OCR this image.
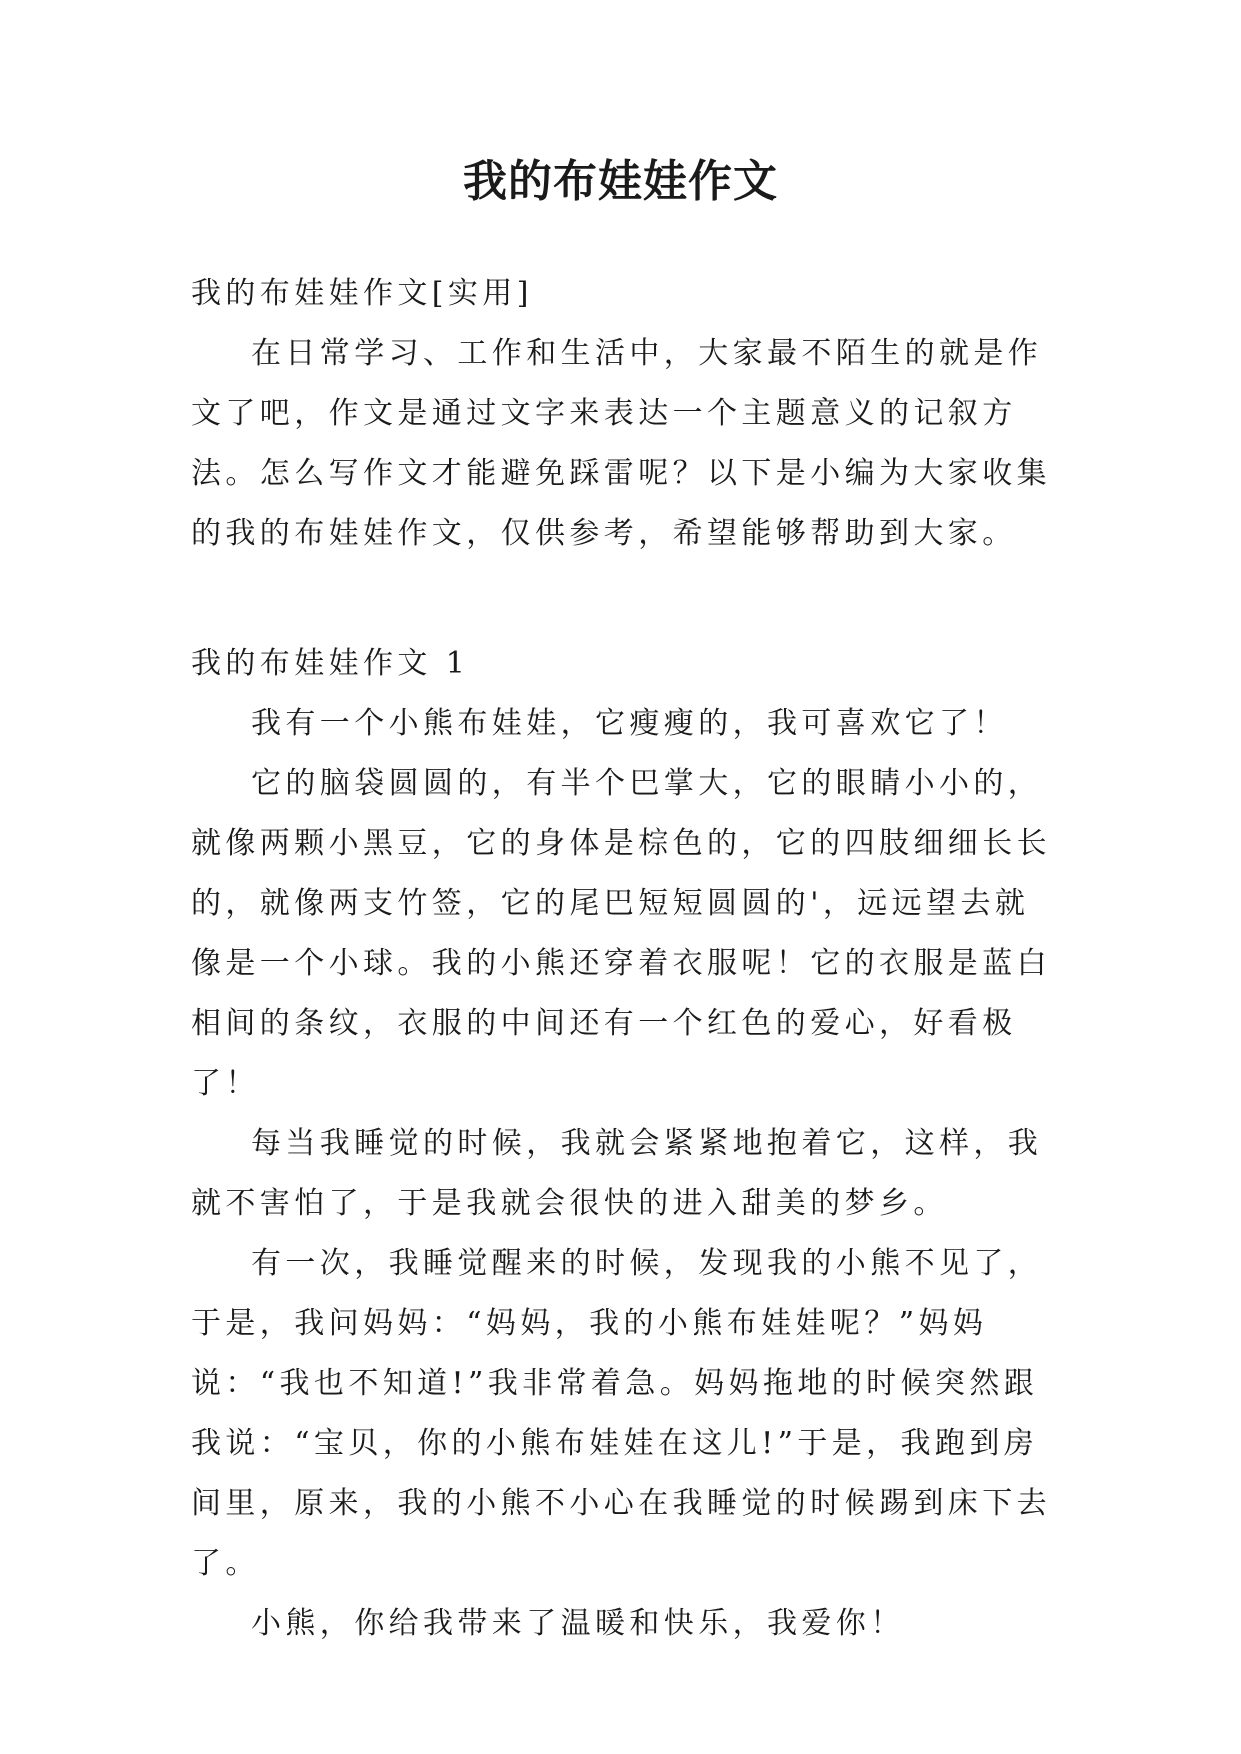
我的布娃娃作文

我的布娃娃作文[实用]

在日常学习、工作和生活中，大家最不陌生的就是作文了吧，作文是通过文字来表达一个主题意义的记叙方法。怎么写作文才能避免踩雷呢？以下是小编为大家收集的我的布娃娃作文，仅供参考，希望能够帮助到大家。

我的布娃娃作文 1

我有一个小熊布娃娃，它瘦瘦的，我可喜欢它了！

它的脑袋圆圆的，有半个巴掌大，它的眼睛小小的，就像两颗小黑豆，它的身体是棕色的，它的四肢细细长长的，就像两支竹签，它的尾巴短短圆圆的'，远远望去就像是一个小球。我的小熊还穿着衣服呢！它的衣服是蓝白相间的条纹，衣服的中间还有一个红色的爱心，好看极了！

每当我睡觉的时候，我就会紧紧地抱着它，这样，我就不害怕了，于是我就会很快的进入甜美的梦乡。

有一次，我睡觉醒来的时候，发现我的小熊不见了，于是，我问妈妈：“妈妈，我的小熊布娃娃呢？”妈妈说：“我也不知道!”我非常着急。妈妈拖地的时候突然跟我说：“宝贝，你的小熊布娃娃在这儿!”于是，我跑到房间里，原来，我的小熊不小心在我睡觉的时候踢到床下去了。

小熊，你给我带来了温暖和快乐，我爱你！
